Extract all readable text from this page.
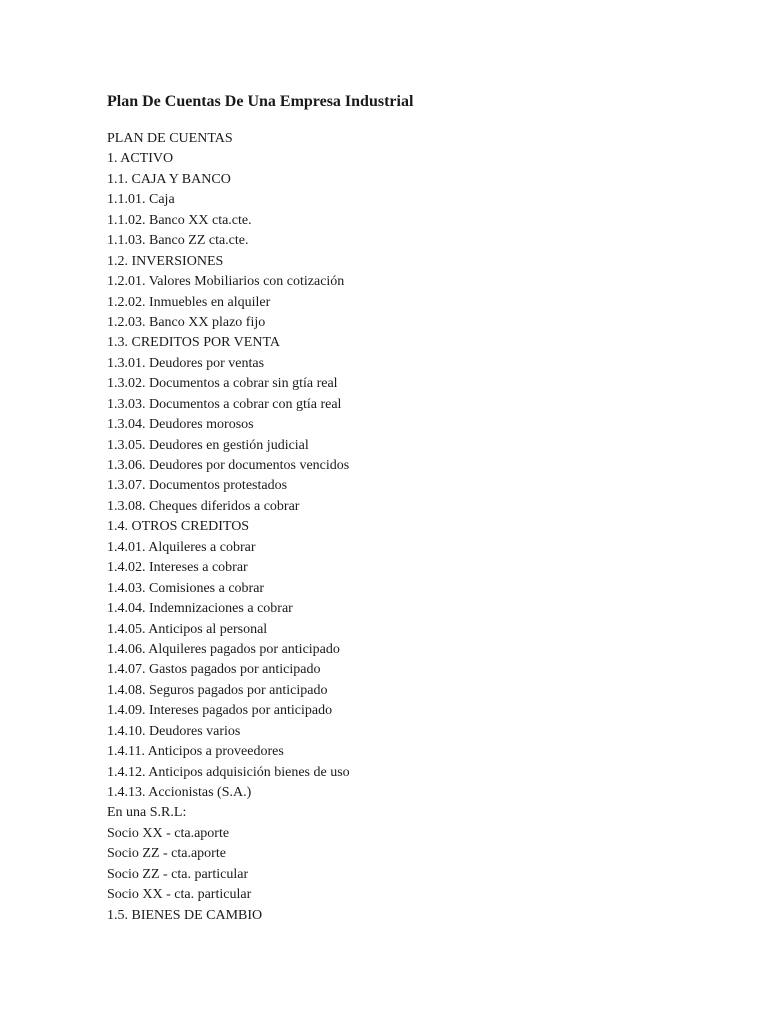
Plan De Cuentas De Una Empresa Industrial
PLAN DE CUENTAS
1. ACTIVO
1.1. CAJA Y BANCO
1.1.01. Caja
1.1.02. Banco XX cta.cte.
1.1.03. Banco ZZ cta.cte.
1.2. INVERSIONES
1.2.01. Valores Mobiliarios con cotización
1.2.02. Inmuebles en alquiler
1.2.03. Banco XX plazo fijo
1.3. CREDITOS POR VENTA
1.3.01. Deudores por ventas
1.3.02. Documentos a cobrar sin gtía real
1.3.03. Documentos a cobrar con gtía real
1.3.04. Deudores morosos
1.3.05. Deudores en gestión judicial
1.3.06. Deudores por documentos vencidos
1.3.07. Documentos protestados
1.3.08. Cheques diferidos a cobrar
1.4. OTROS CREDITOS
1.4.01. Alquileres a cobrar
1.4.02. Intereses a cobrar
1.4.03. Comisiones a cobrar
1.4.04. Indemnizaciones a cobrar
1.4.05. Anticipos al personal
1.4.06. Alquileres pagados por anticipado
1.4.07. Gastos pagados por anticipado
1.4.08. Seguros pagados por anticipado
1.4.09. Intereses pagados por anticipado
1.4.10. Deudores varios
1.4.11. Anticipos a proveedores
1.4.12. Anticipos adquisición bienes de uso
1.4.13. Accionistas (S.A.)
En una S.R.L:
Socio XX - cta.aporte
Socio ZZ - cta.aporte
Socio ZZ - cta. particular
Socio XX - cta. particular
1.5. BIENES DE CAMBIO
